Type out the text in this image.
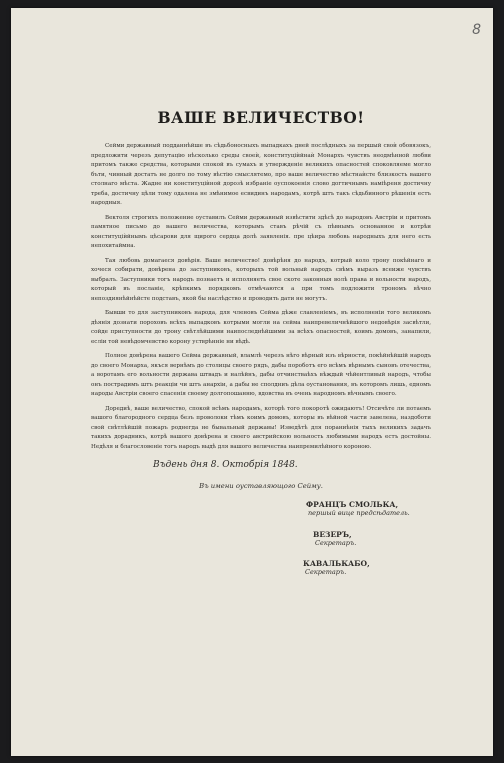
8
ВАШЕ ВЕЛИЧЕСТВО!

Сейми державный подданнѣйше въ сѣдьбоносныхъ выпадкахъ дней послѣдныхъ за першый своѝ обовязокъ, предложити черезъ депутацію нѣсколько среды своеѝ, конституціѝйнаѝ Монархъ чувствъ неодмѣнной любви притомъ также средства, которыми спокой въ сумахъ и утвержденіе великихъ опасностей споковляеме могло бъти, чинный достатъ не долго по тому вѣстію смыслятемо, про ваше величество мѣстнаѝсте близкость вашего столнаго мѣста. Жадне ни конституціѝной дорозѣ избраніе оуспокоенія слово догтичнымъ наміѣреня достичну треба, достичну цѣли тому одалена не змѣнимое есвидинъ народамъ, котрѣ штъ такъ сѣдьбинного рѣшенія естъ народныя.

Вектоля строгихъ положение оуставилъ Сейми державный извѣстити здѣсѣ до народовъ Австріи и притомъ памятное письмо до вашего величества, которымъ ставъ рѣчій съ пѣвнымъ основанное и котрѣи конституціѝйнымъ цѣсарови для щирого сердца долѣ заявленія. пре цѣира любовь народныхъ для него есть непохитаймна.

Тая любовь домагаеся довѣрія. Ваше величество! довѣрѣня до народъ, котрый коло трону покѣйнаго и хочеся собирати, довѣрена до заступниковъ, которыхъ той вольный народъ свѣмъ выразъ всеиже чувствъ выбралъ. Заступники тогъ народъ познаетъ и исполняеть свое скоте законныя волѣ права и вольности народъ, который въ посланіе, крѣпкимъ порядкомъ отмѣчаются а при томъ подложити трономъ вѣчно непоздиянѣйнѣйсте подставъ, якой бы наслѣдство и проводить дати не могутъ.

Бывши то для заступниковъ народа, для членовъ Сейма дѣже славленіемъ, въ исполненіи того великомъ дѣянія дознати пороховъ всѣхъ выпадковъ котрыми могли на сейма наипревеличнѣйшого недовѣрія засвѣтли, сойде приступности до трону свѣтлѣйшими наипоследнѣйшими за всѣхъ опасностей, коимъ домовъ, занапили, есліи той невѣдомчевство корону устврѣнніе ни вѣдѣ.

Полное довѣрена вашего Сейма державный, вламлѣ черезъ нѣго вѣрный изъ вѣрности, покѣйнѣйшій народъ до своего Монарха, якъся вернѣмъ до столицы своего рядъ, дабы пороботъ его всѣмъ вѣрнымъ сыновъ отечества, а воротамъ его вольности держава штвадъ и налѣйнъ, дабы отчинстваѣхъ вѣждый чѣйентливый народъ, чтобы онъ пострадимъ штъ реакціи чи штъ анархіи, а дабы не сполдниъ дѣла оустанования, въ которомъ лишь, едномъ народы Австріи своего спасенія своему долгопошанню, вдовства въ очень народномъ вѣчнымъ своего.

Доредиѣ, ваше величество, спокой всѣмъ народамъ, которѣ того покоротѣ ожидаютъ! Отсичѣте ли потаемъ вашого благородного сердца безъ проволоки тѣмъ коимъ домовъ, которы въ вѣйной части завелена, наздоботи свой свѣтлѣйшій пожаръ роднегда не бывальный державы! Изведѣтѣ для пораниѣнія тыхъ великихъ задачъ такихъ дорадникъ, котрѣ вашого довѣрена и своего австрийскою вольность любимыми народъ естъ достойны. Недѣля и благословеніе тогъ народъ выдѣ для вашого величества наипремилѣйного короною.

Въдень дня 8. Октобрія 1848.
Въ имени оуставляющого Сейму.
ФРАНЦЪ СМОЛЬКА,
першый вице предсѣдатель.
ВЕЗЕРЪ,
Секретаръ.
КАВАЛЬКАБО,
Секретаръ.
